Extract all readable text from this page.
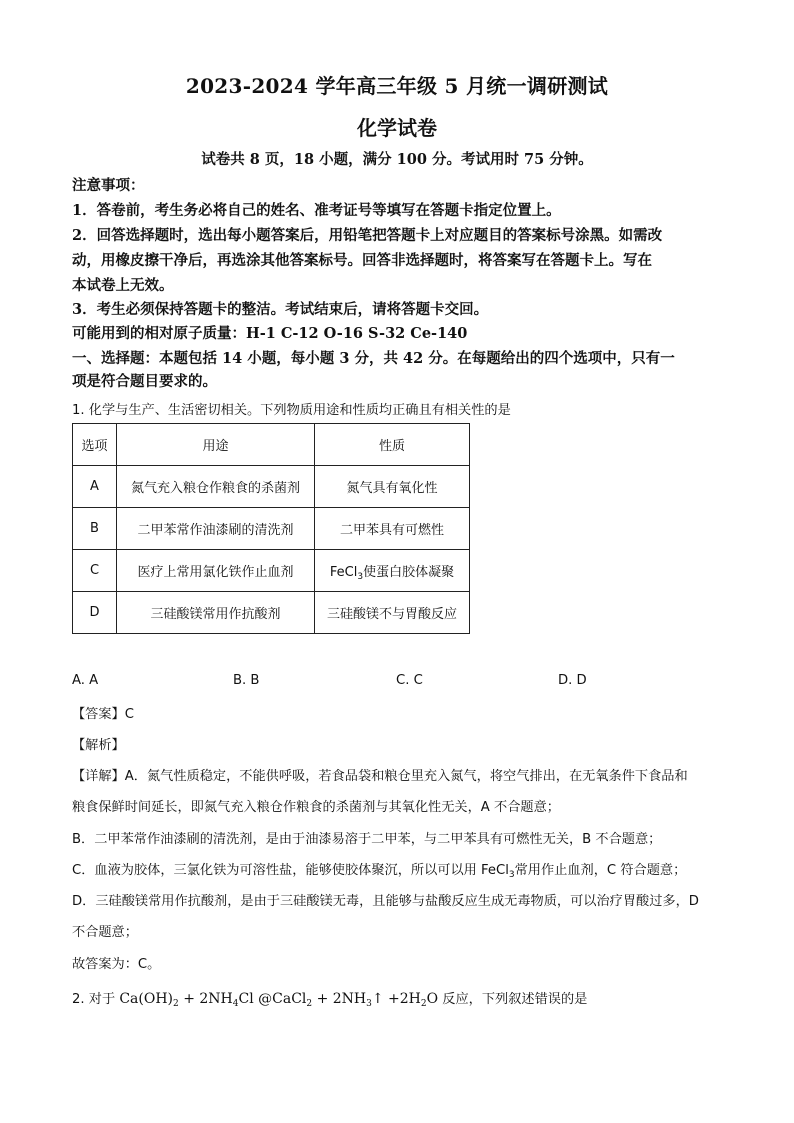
2023-2024 学年高三年级 5 月统一调研测试
化学试卷
试卷共 8 页，18 小题，满分 100 分。考试用时 75 分钟。
注意事项：
1．答卷前，考生务必将自己的姓名、准考证号等填写在答题卡指定位置上。
2．回答选择题时，选出每小题答案后，用铅笔把答题卡上对应题目的答案标号涂黑。如需改
动，用橡皮擦干净后，再选涂其他答案标号。回答非选择题时，将答案写在答题卡上。写在
本试卷上无效。
3．考生必须保持答题卡的整洁。考试结束后，请将答题卡交回。
可能用到的相对原子质量：H-1 C-12 O-16 S-32 Ce-140
一、选择题：本题包括 14 小题，每小题 3 分，共 42 分。在每题给出的四个选项中，只有一
项是符合题目要求的。
1. 化学与生产、生活密切相关。下列物质用途和性质均正确且有相关性的是
选项	用途	性质
A	氮气充入粮仓作粮食的杀菌剂	氮气具有氧化性
B	二甲苯常作油漆刷的清洗剂	二甲苯具有可燃性
C	医疗上常用氯化铁作止血剂	FeCl$_3$使蛋白胶体凝聚
D	三硅酸镁常用作抗酸剂	三硅酸镁不与胃酸反应
A. A	B. B	C. C	D. D
【答案】C
【解析】
【详解】A．氮气性质稳定，不能供呼吸，若食品袋和粮仓里充入氮气，将空气排出，在无氧条件下食品和
粮食保鲜时间延长，即氮气充入粮仓作粮食的杀菌剂与其氧化性无关，A 不合题意；
B．二甲苯常作油漆刷的清洗剂，是由于油漆易溶于二甲苯，与二甲苯具有可燃性无关，B 不合题意；
C．血液为胶体，三氯化铁为可溶性盐，能够使胶体聚沉，所以可以用 FeCl$_3$常用作止血剂，C 符合题意；
D．三硅酸镁常用作抗酸剂，是由于三硅酸镁无毒，且能够与盐酸反应生成无毒物质，可以治疗胃酸过多，D
不合题意；
故答案为：C。
2. 对于 $Ca(OH)_2 + 2NH_4Cl$ @CaCl$_2$ + $2NH_3↑ +2H_2O$ 反应，下列叙述错误的是
